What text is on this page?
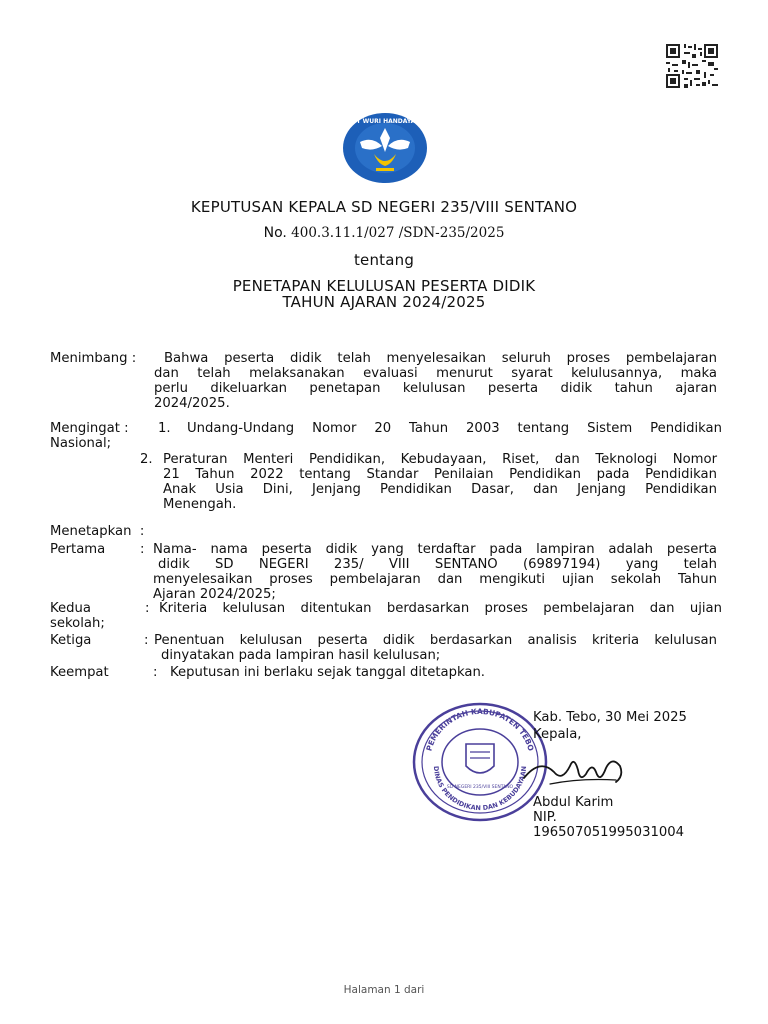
TUT WURI HANDAYANI
KEPUTUSAN KEPALA SD NEGERI 235/VIII SENTANO
No. 400.3.11.1/027 /SDN-235/2025
tentang
PENETAPAN KELULUSAN PESERTA DIDIK
TAHUN AJARAN 2024/2025
Menimbang : Bahwa peserta didik telah menyelesaikan seluruh proses pembelajaran
dan telah melaksanakan evaluasi menurut syarat kelulusannya, maka
perlu dikeluarkan penetapan kelulusan peserta didik tahun ajaran
2024/2025.
Mengingat : 1. Undang-Undang Nomor 20 Tahun 2003 tentang Sistem Pendidikan
Nasional;
2. Peraturan Menteri Pendidikan, Kebudayaan, Riset, dan Teknologi Nomor
21 Tahun 2022 tentang Standar Penilaian Pendidikan pada Pendidikan
Anak Usia Dini, Jenjang Pendidikan Dasar, dan Jenjang Pendidikan
Menengah.
Menetapkan :
Pertama	: Nama- nama peserta didik yang terdaftar pada lampiran adalah peserta
didik SD NEGERI 235/ VIII SENTANO (69897194) yang telah
menyelesaikan proses pembelajaran dan mengikuti ujian sekolah Tahun
Ajaran 2024/2025;
Kedua	: Kriteria kelulusan ditentukan berdasarkan proses pembelajaran dan ujian
sekolah;
Ketiga	: Penentuan kelulusan peserta didik berdasarkan analisis kriteria kelulusan
dinyatakan pada lampiran hasil kelulusan;
Keempat	: Keputusan ini berlaku sejak tanggal ditetapkan.
PEMERINTAH KABUPATEN TEBO
DINAS PENDIDIKAN DAN KEBUDAYAAN
SD NEGERI 235/VIII SENTANO
Kab. Tebo, 30 Mei 2025
Kepala,
Abdul Karim
NIP.
196507051995031004
Halaman 1 dari
